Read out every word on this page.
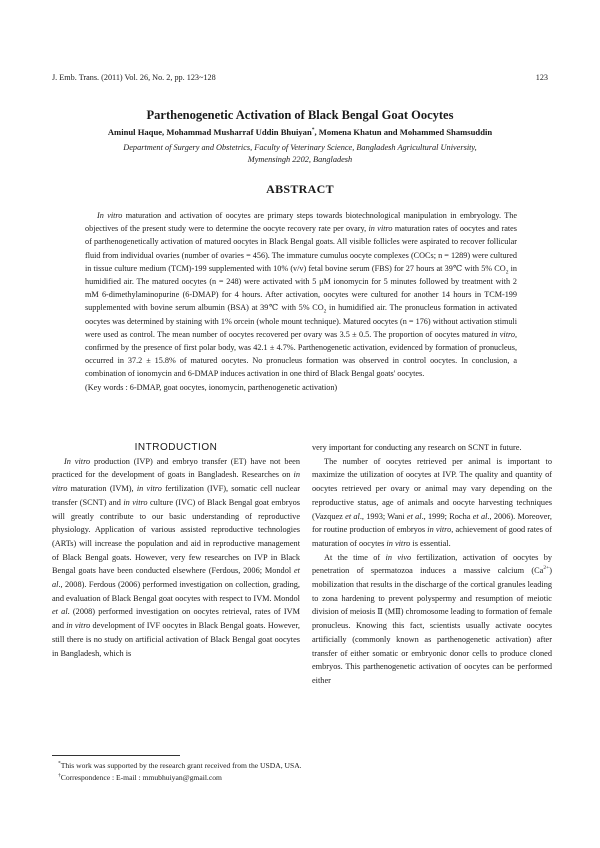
J. Emb. Trans. (2011) Vol. 26, No. 2, pp. 123~128	123
Parthenogenetic Activation of Black Bengal Goat Oocytes
Aminul Haque, Mohammad Musharraf Uddin Bhuiyan*, Momena Khatun and Mohammed Shamsuddin
Department of Surgery and Obstetrics, Faculty of Veterinary Science, Bangladesh Agricultural University,
Mymensingh 2202, Bangladesh
ABSTRACT

In vitro maturation and activation of oocytes are primary steps towards biotechnological manipulation in embryology. The objectives of the present study were to determine the oocyte recovery rate per ovary, in vitro maturation rates of oocytes and rates of parthenogenetically activation of matured oocytes in Black Bengal goats. All visible follicles were aspirated to recover follicular fluid from individual ovaries (number of ovaries = 456). The immature cumulus oocyte complexes (COCs; n = 1289) were cultured in tissue culture medium (TCM)-199 supplemented with 10% (v/v) fetal bovine serum (FBS) for 27 hours at 39℃ with 5% $CO_2$ in humidified air. The matured oocytes (n = 248) were activated with 5 μM ionomycin for 5 minutes followed by treatment with 2 mM 6-dimethylaminopurine (6-DMAP) for 4 hours. After activation, oocytes were cultured for another 14 hours in TCM-199 supplemented with bovine serum albumin (BSA) at 39℃ with 5% $CO_2$ in humidified air. The pronucleus formation in activated oocytes was determined by staining with 1% orcein (whole mount technique). Matured oocytes (n = 176) without activation stimuli were used as control. The mean number of oocytes recovered per ovary was 3.5 ± 0.5. The proportion of oocytes matured in vitro, confirmed by the presence of first polar body, was 42.1 ± 4.7%. Parthenogenetic activation, evidenced by formation of pronucleus, occurred in 37.2 ± 15.8% of matured oocytes. No pronucleus formation was observed in control oocytes. In conclusion, a combination of ionomycin and 6-DMAP induces activation in one third of Black Bengal goats' oocytes.

(Key words : 6-DMAP, goat oocytes, ionomycin, parthenogenetic activation)

INTRODUCTION

In vitro production (IVP) and embryo transfer (ET) have not been practiced for the development of goats in Bangladesh. Researches on in vitro maturation (IVM), in vitro fertilization (IVF), somatic cell nuclear transfer (SCNT) and in vitro culture (IVC) of Black Bengal goat embryos will greatly contribute to our basic understanding of reproductive physiology. Application of various assisted reproductive technologies (ARTs) will increase the population and aid in reproductive management of Black Bengal goats. However, very few researches on IVP in Black Bengal goats have been conducted elsewhere (Ferdous, 2006; Mondol et al., 2008). Ferdous (2006) performed investigation on collection, grading, and evaluation of Black Bengal goat oocytes with respect to IVM. Mondol et al. (2008) performed investigation on oocytes retrieval, rates of IVM and in vitro development of IVF oocytes in Black Bengal goats. However, still there is no study on artificial activation of Black Bengal goat oocytes in Bangladesh, which is

very important for conducting any research on SCNT in future.

The number of oocytes retrieved per animal is important to maximize the utilization of oocytes at IVP. The quality and quantity of oocytes retrieved per ovary or animal may vary depending on the reproductive status, age of animals and oocyte harvesting techniques (Vazquez et al., 1993; Wani et al., 1999; Rocha et al., 2006). Moreover, for routine production of embryos in vitro, achievement of good rates of maturation of oocytes in vitro is essential.

At the time of in vivo fertilization, activation of oocytes by penetration of spermatozoa induces a massive calcium $(Ca^{2+})$ mobilization that results in the discharge of the cortical granules leading to zona hardening to prevent polyspermy and resumption of meiotic division of meiosis Ⅱ (MⅡ) chromosome leading to formation of female pronucleus. Knowing this fact, scientists usually activate oocytes artificially (commonly known as parthenogenetic activation) after transfer of either somatic or embryonic donor cells to produce cloned embryos. This parthenogenetic activation of oocytes can be performed either

*This work was supported by the research grant received from the USDA, USA.
†Correspondence : E-mail : mmubhuiyan@gmail.com
